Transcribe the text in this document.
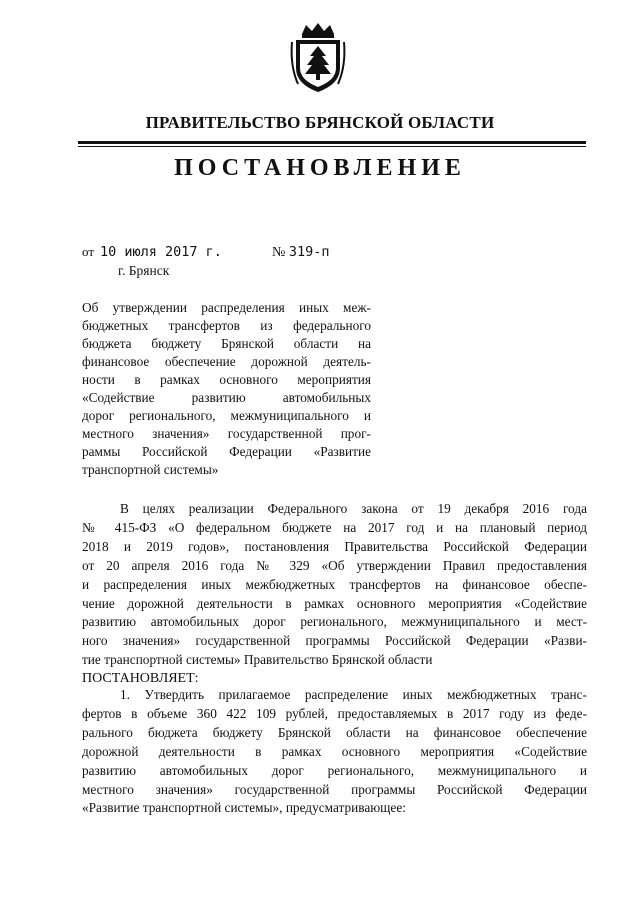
ПРАВИТЕЛЬСТВО БРЯНСКОЙ ОБЛАСТИ
ПОСТАНОВЛЕНИЕ
от 10 июля 2017 г.	№ 319-п
г. Брянск
Об утверждении распределения иных меж-
бюджетных трансфертов из федерального
бюджета бюджету Брянской области на
финансовое обеспечение дорожной деятель-
ности в рамках основного мероприятия
«Содействие развитию автомобильных
дорог регионального, межмуниципального и
местного значения» государственной прог-
раммы Российской Федерации «Развитие
транспортной системы»
В целях реализации Федерального закона от 19 декабря 2016 года
№ 415-ФЗ «О федеральном бюджете на 2017 год и на плановый период
2018 и 2019 годов», постановления Правительства Российской Федерации
от 20 апреля 2016 года № 329 «Об утверждении Правил предоставления
и распределения иных межбюджетных трансфертов на финансовое обеспе-
чение дорожной деятельности в рамках основного мероприятия «Содействие
развитию автомобильных дорог регионального, межмуниципального и мест-
ного значения» государственной программы Российской Федерации «Разви-
тие транспортной системы» Правительство Брянской области
ПОСТАНОВЛЯЕТ:
1. Утвердить прилагаемое распределение иных межбюджетных транс-
фертов в объеме 360 422 109 рублей, предоставляемых в 2017 году из феде-
рального бюджета бюджету Брянской области на финансовое обеспечение
дорожной деятельности в рамках основного мероприятия «Содействие
развитию автомобильных дорог регионального, межмуниципального и
местного значения» государственной программы Российской Федерации
«Развитие транспортной системы», предусматривающее:
